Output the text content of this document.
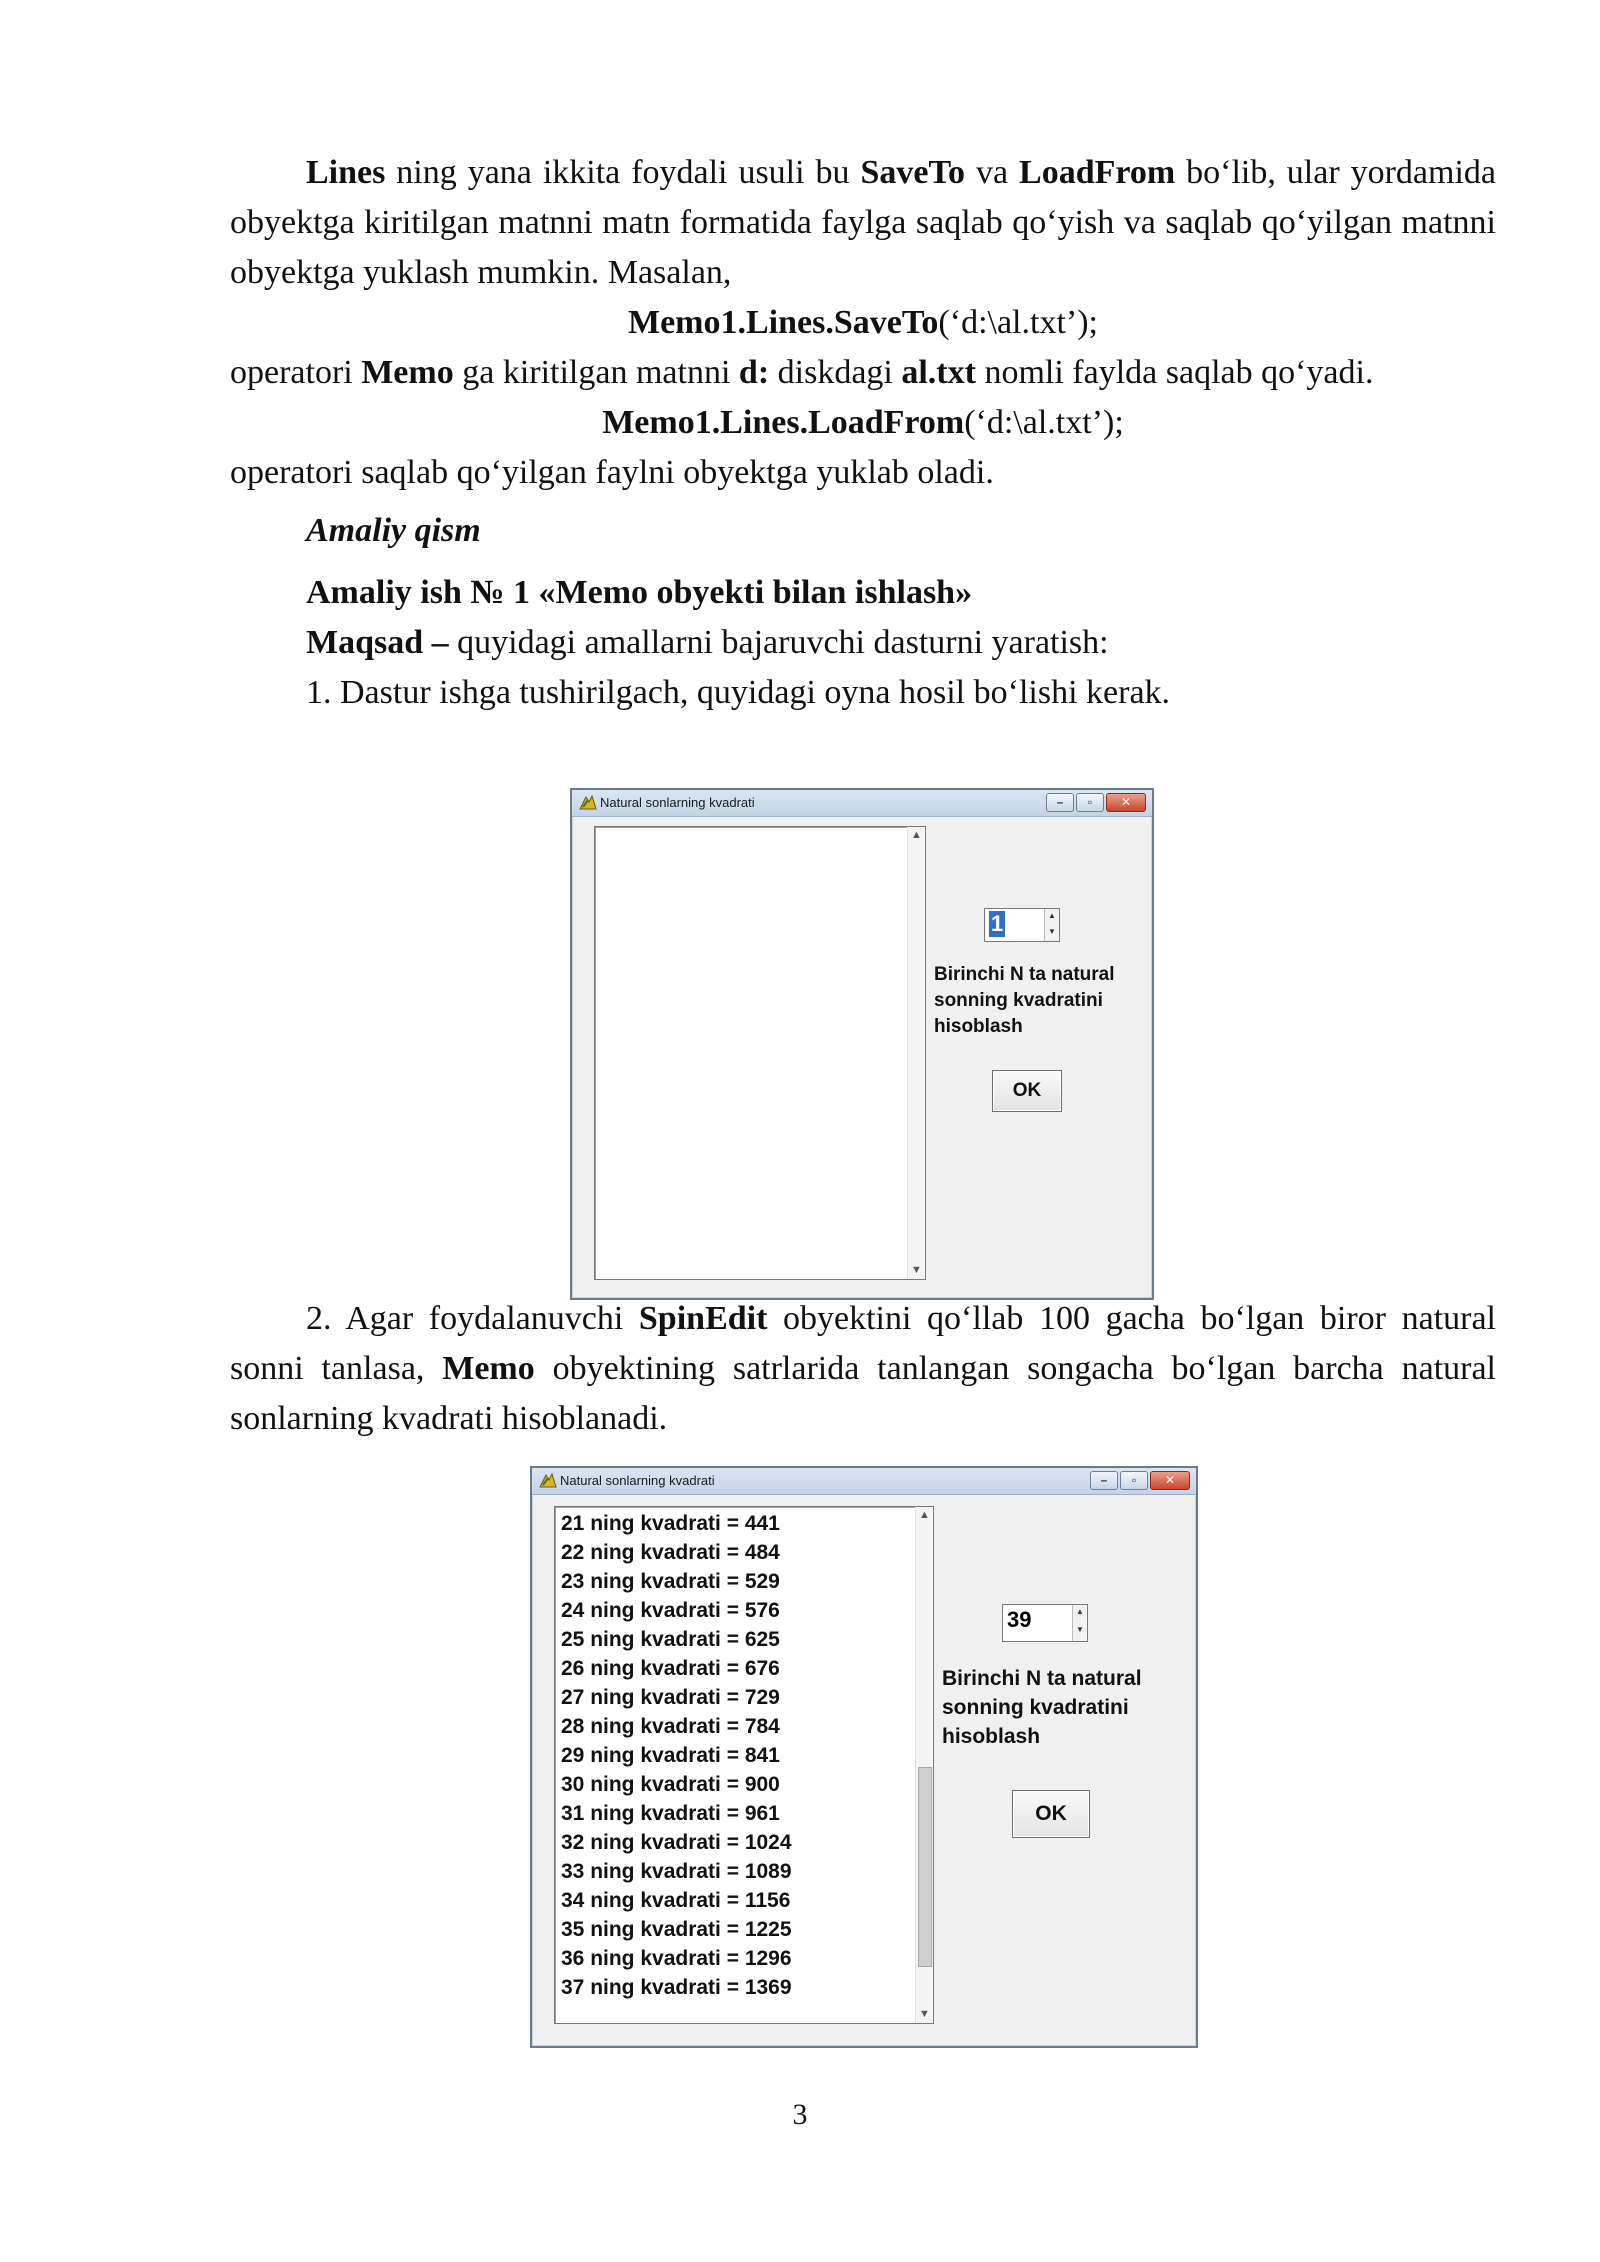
Lines ning yana ikkita foydali usuli bu SaveTo va LoadFrom bo‘lib, ular yordamida obyektga kiritilgan matnni matn formatida faylga saqlab qo‘yish va saqlab qo‘yilgan matnni obyektga yuklash mumkin. Masalan,

Memo1.Lines.SaveTo(‘d:\al.txt’);

operatori Memo ga kiritilgan matnni d: diskdagi al.txt nomli faylda saqlab qo‘yadi.

Memo1.Lines.LoadFrom(‘d:\al.txt’);

operatori saqlab qo‘yilgan faylni obyektga yuklab oladi.

Amaliy qism

Amaliy ish № 1 «Memo obyekti bilan ishlash»

Maqsad – quyidagi amallarni bajaruvchi dasturni yaratish:

1. Dastur ishga tushirilgach, quyidagi oyna hosil bo‘lishi kerak.

Natural sonlarning kvadrati	–	▫	✕
▲
▼
1	▲
▼
Birinchi N ta natural
sonning kvadratini
hisoblash
OK

2. Agar foydalanuvchi SpinEdit obyektini qo‘llab 100 gacha bo‘lgan biror natural sonni tanlasa, Memo obyektining satrlarida tanlangan songacha bo‘lgan barcha natural sonlarning kvadrati hisoblanadi.

Natural sonlarning kvadrati	–	▫	✕
21 ning kvadrati = 441
22 ning kvadrati = 484
23 ning kvadrati = 529
24 ning kvadrati = 576
25 ning kvadrati = 625
26 ning kvadrati = 676
27 ning kvadrati = 729
28 ning kvadrati = 784
29 ning kvadrati = 841
30 ning kvadrati = 900
31 ning kvadrati = 961
32 ning kvadrati = 1024
33 ning kvadrati = 1089
34 ning kvadrati = 1156
35 ning kvadrati = 1225
36 ning kvadrati = 1296
37 ning kvadrati = 1369
▲
▼
39	▲
▼
Birinchi N ta natural
sonning kvadratini
hisoblash
OK
3
